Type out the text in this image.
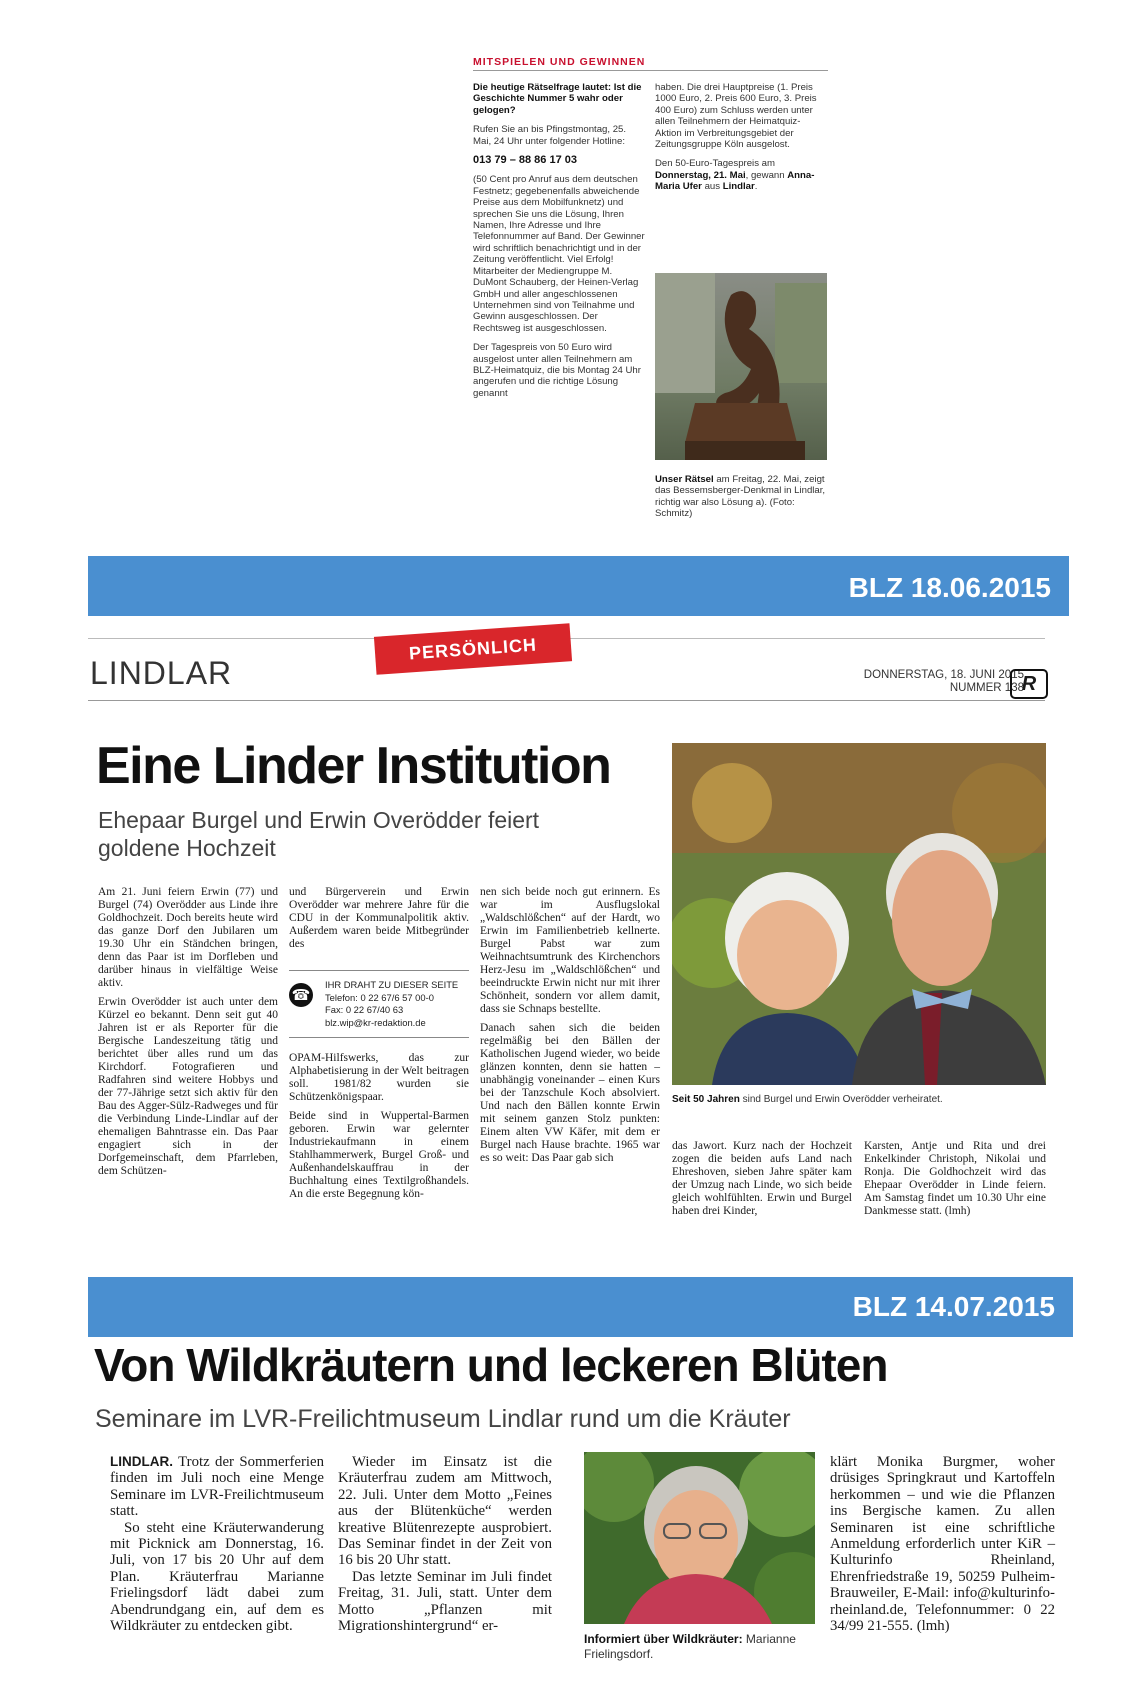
MITSPIELEN UND GEWINNEN

Die heutige Rätselfrage lautet: Ist die Geschichte Nummer 5 wahr oder gelogen?

Rufen Sie an bis Pfingstmontag, 25. Mai, 24 Uhr unter folgender Hotline:

013 79 – 88 86 17 03

(50 Cent pro Anruf aus dem deutschen Festnetz; gegebenenfalls abweichende Preise aus dem Mobilfunknetz) und sprechen Sie uns die Lösung, Ihren Namen, Ihre Adresse und Ihre Telefonnummer auf Band. Der Gewinner wird schriftlich benachrichtigt und in der Zeitung veröffentlicht. Viel Erfolg! Mitarbeiter der Mediengruppe M. DuMont Schauberg, der Heinen-Verlag GmbH und aller angeschlossenen Unternehmen sind von Teilnahme und Gewinn ausgeschlossen. Der Rechtsweg ist ausgeschlossen.

Der Tagespreis von 50 Euro wird ausgelost unter allen Teilnehmern am BLZ-Heimatquiz, die bis Montag 24 Uhr angerufen und die richtige Lösung genannt

haben. Die drei Hauptpreise (1. Preis 1000 Euro, 2. Preis 600 Euro, 3. Preis 400 Euro) zum Schluss werden unter allen Teilnehmern der Heimatquiz-Aktion im Verbreitungsgebiet der Zeitungsgruppe Köln ausgelost.

Den 50-Euro-Tagespreis am Donnerstag, 21. Mai, gewann Anna-Maria Ufer aus Lindlar.

Unser Rätsel am Freitag, 22. Mai, zeigt das Bessemsberger-Denkmal in Lindlar, richtig war also Lösung a). (Foto: Schmitz)
BLZ 18.06.2015
LINDLAR
PERSÖNLICH
DONNERSTAG, 18. JUNI 2015
NUMMER 138
R
Eine Linder Institution
Ehepaar Burgel und Erwin Overödder feiert goldene Hochzeit

Am 21. Juni feiern Erwin (77) und Burgel (74) Overödder aus Linde ihre Goldhochzeit. Doch bereits heute wird das ganze Dorf den Jubilaren um 19.30 Uhr ein Ständchen bringen, denn das Paar ist im Dorfleben und darüber hinaus in vielfältige Weise aktiv.

Erwin Overödder ist auch unter dem Kürzel eo bekannt. Denn seit gut 40 Jahren ist er als Reporter für die Bergische Landeszeitung tätig und berichtet über alles rund um das Kirchdorf. Fotografieren und Radfahren sind weitere Hobbys und der 77-Jährige setzt sich aktiv für den Bau des Agger-Sülz-Radweges und für die Verbindung Linde-Lindlar auf der ehemaligen Bahntrasse ein. Das Paar engagiert sich in der Dorfgemeinschaft, dem Pfarrleben, dem Schützen-

und Bürgerverein und Erwin Overödder war mehrere Jahre für die CDU in der Kommunalpolitik aktiv. Außerdem waren beide Mitbegründer des

☎
IHR DRAHT ZU DIESER SEITE
Telefon: 0 22 67/6 57 00-0
Fax: 0 22 67/40 63
blz.wip@kr-redaktion.de

OPAM-Hilfswerks, das zur Alphabetisierung in der Welt beitragen soll. 1981/82 wurden sie Schützenkönigspaar.

Beide sind in Wuppertal-Barmen geboren. Erwin war gelernter Industriekaufmann in einem Stahlhammerwerk, Burgel Groß- und Außenhandelskauffrau in der Buchhaltung eines Textilgroßhandels. An die erste Begegnung kön-

nen sich beide noch gut erinnern. Es war im Ausflugslokal „Waldschlößchen“ auf der Hardt, wo Erwin im Familienbetrieb kellnerte. Burgel Pabst war zum Weihnachtsumtrunk des Kirchenchors Herz-Jesu im „Waldschlößchen“ und beeindruckte Erwin nicht nur mit ihrer Schönheit, sondern vor allem damit, dass sie Schnaps bestellte.

Danach sahen sich die beiden regelmäßig bei den Bällen der Katholischen Jugend wieder, wo beide glänzen konnten, denn sie hatten – unabhängig voneinander – einen Kurs bei der Tanzschule Koch absolviert. Und nach den Bällen konnte Erwin mit seinem ganzen Stolz punkten: Einem alten VW Käfer, mit dem er Burgel nach Hause brachte. 1965 war es so weit: Das Paar gab sich

Seit 50 Jahren sind Burgel und Erwin Overödder verheiratet.

das Jawort. Kurz nach der Hochzeit zogen die beiden aufs Land nach Ehreshoven, sieben Jahre später kam der Umzug nach Linde, wo sich beide gleich wohlfühlten. Erwin und Burgel haben drei Kinder,

Karsten, Antje und Rita und drei Enkelkinder Christoph, Nikolai und Ronja. Die Goldhochzeit wird das Ehepaar Overödder in Linde feiern. Am Samstag findet um 10.30 Uhr eine Dankmesse statt. (lmh)

BLZ 14.07.2015
Von Wildkräutern und leckeren Blüten
Seminare im LVR-Freilichtmuseum Lindlar rund um die Kräuter

LINDLAR. Trotz der Sommerferien finden im Juli noch eine Menge Seminare im LVR-Freilichtmuseum statt.

So steht eine Kräuterwanderung mit Picknick am Donnerstag, 16. Juli, von 17 bis 20 Uhr auf dem Plan. Kräuterfrau Marianne Frielingsdorf lädt dabei zum Abendrundgang ein, auf dem es Wildkräuter zu entdecken gibt.

Wieder im Einsatz ist die Kräuterfrau zudem am Mittwoch, 22. Juli. Unter dem Motto „Feines aus der Blütenküche“ werden kreative Blütenrezepte ausprobiert. Das Seminar findet in der Zeit von 16 bis 20 Uhr statt.

Das letzte Seminar im Juli findet Freitag, 31. Juli, statt. Unter dem Motto „Pflanzen mit Migrationshintergrund“ er-

Informiert über Wildkräuter: Marianne Frielingsdorf.

klärt Monika Burgmer, woher drüsiges Springkraut und Kartoffeln herkommen – und wie die Pflanzen ins Bergische kamen. Zu allen Seminaren ist eine schriftliche Anmeldung erforderlich unter KiR – Kulturinfo Rheinland, Ehrenfriedstraße 19, 50259 Pulheim-Brauweiler, E-Mail: info@kulturinfo-rheinland.de, Telefonnummer: 0 22 34/99 21-555. (lmh)
